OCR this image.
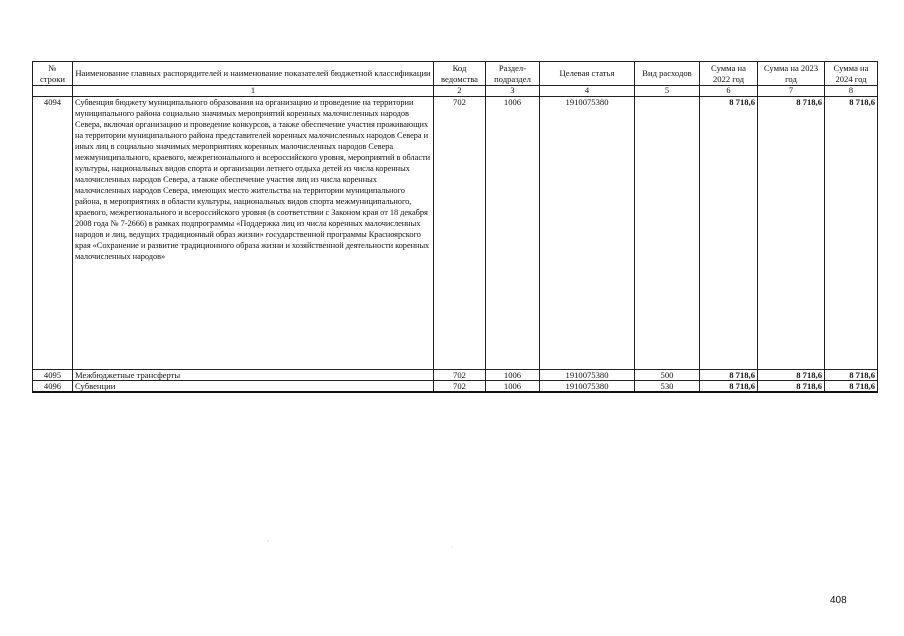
№ строки	Наименование главных распорядителей и наименование показателей бюджетной классификации	Код ведомства	Раздел- подраздел	Целевая статья	Вид расходов	Сумма на 2022 год	Сумма на 2023 год	Сумма на 2024 год
	1	2	3	4	5	6	7	8
4094	Субвенция бюджету муниципального образования на организацию и проведение на территории муниципального района социально значимых мероприятий коренных малочисленных народов Севера, включая организацию и проведение конкурсов, а также обеспечение участия проживающих на территории муниципального района представителей коренных малочисленных народов Севера и иных лиц в социально значимых мероприятиях коренных малочисленных народов Севера межмуниципального, краевого, межрегионального и всероссийского уровня, мероприятий в области культуры, национальных видов спорта и организации летнего отдыха детей из числа коренных малочисленных народов Севера, а также обеспечение участия лиц из числа коренных малочисленных народов Севера, имеющих место жительства на территории муниципального района, в мероприятиях в области культуры, национальных видов спорта межмуниципального, краевого, межрегионального и всероссийского уровня (в соответствии с Законом края от 18 декабря 2008 года № 7-2666) в рамках подпрограммы «Поддержка лиц из числа коренных малочисленных народов и лиц, ведущих традиционный образ жизни» государственной программы Красноярского края «Сохранение и развитие традиционного образа жизни и хозяйственной деятельности коренных малочисленных народов»	702	1006	1910075380		8 718,6	8 718,6	8 718,6
4095	Межбюджетные трансферты	702	1006	1910075380	500	8 718,6	8 718,6	8 718,6
4096	Субвенции	702	1006	1910075380	530	8 718,6	8 718,6	8 718,6
408
